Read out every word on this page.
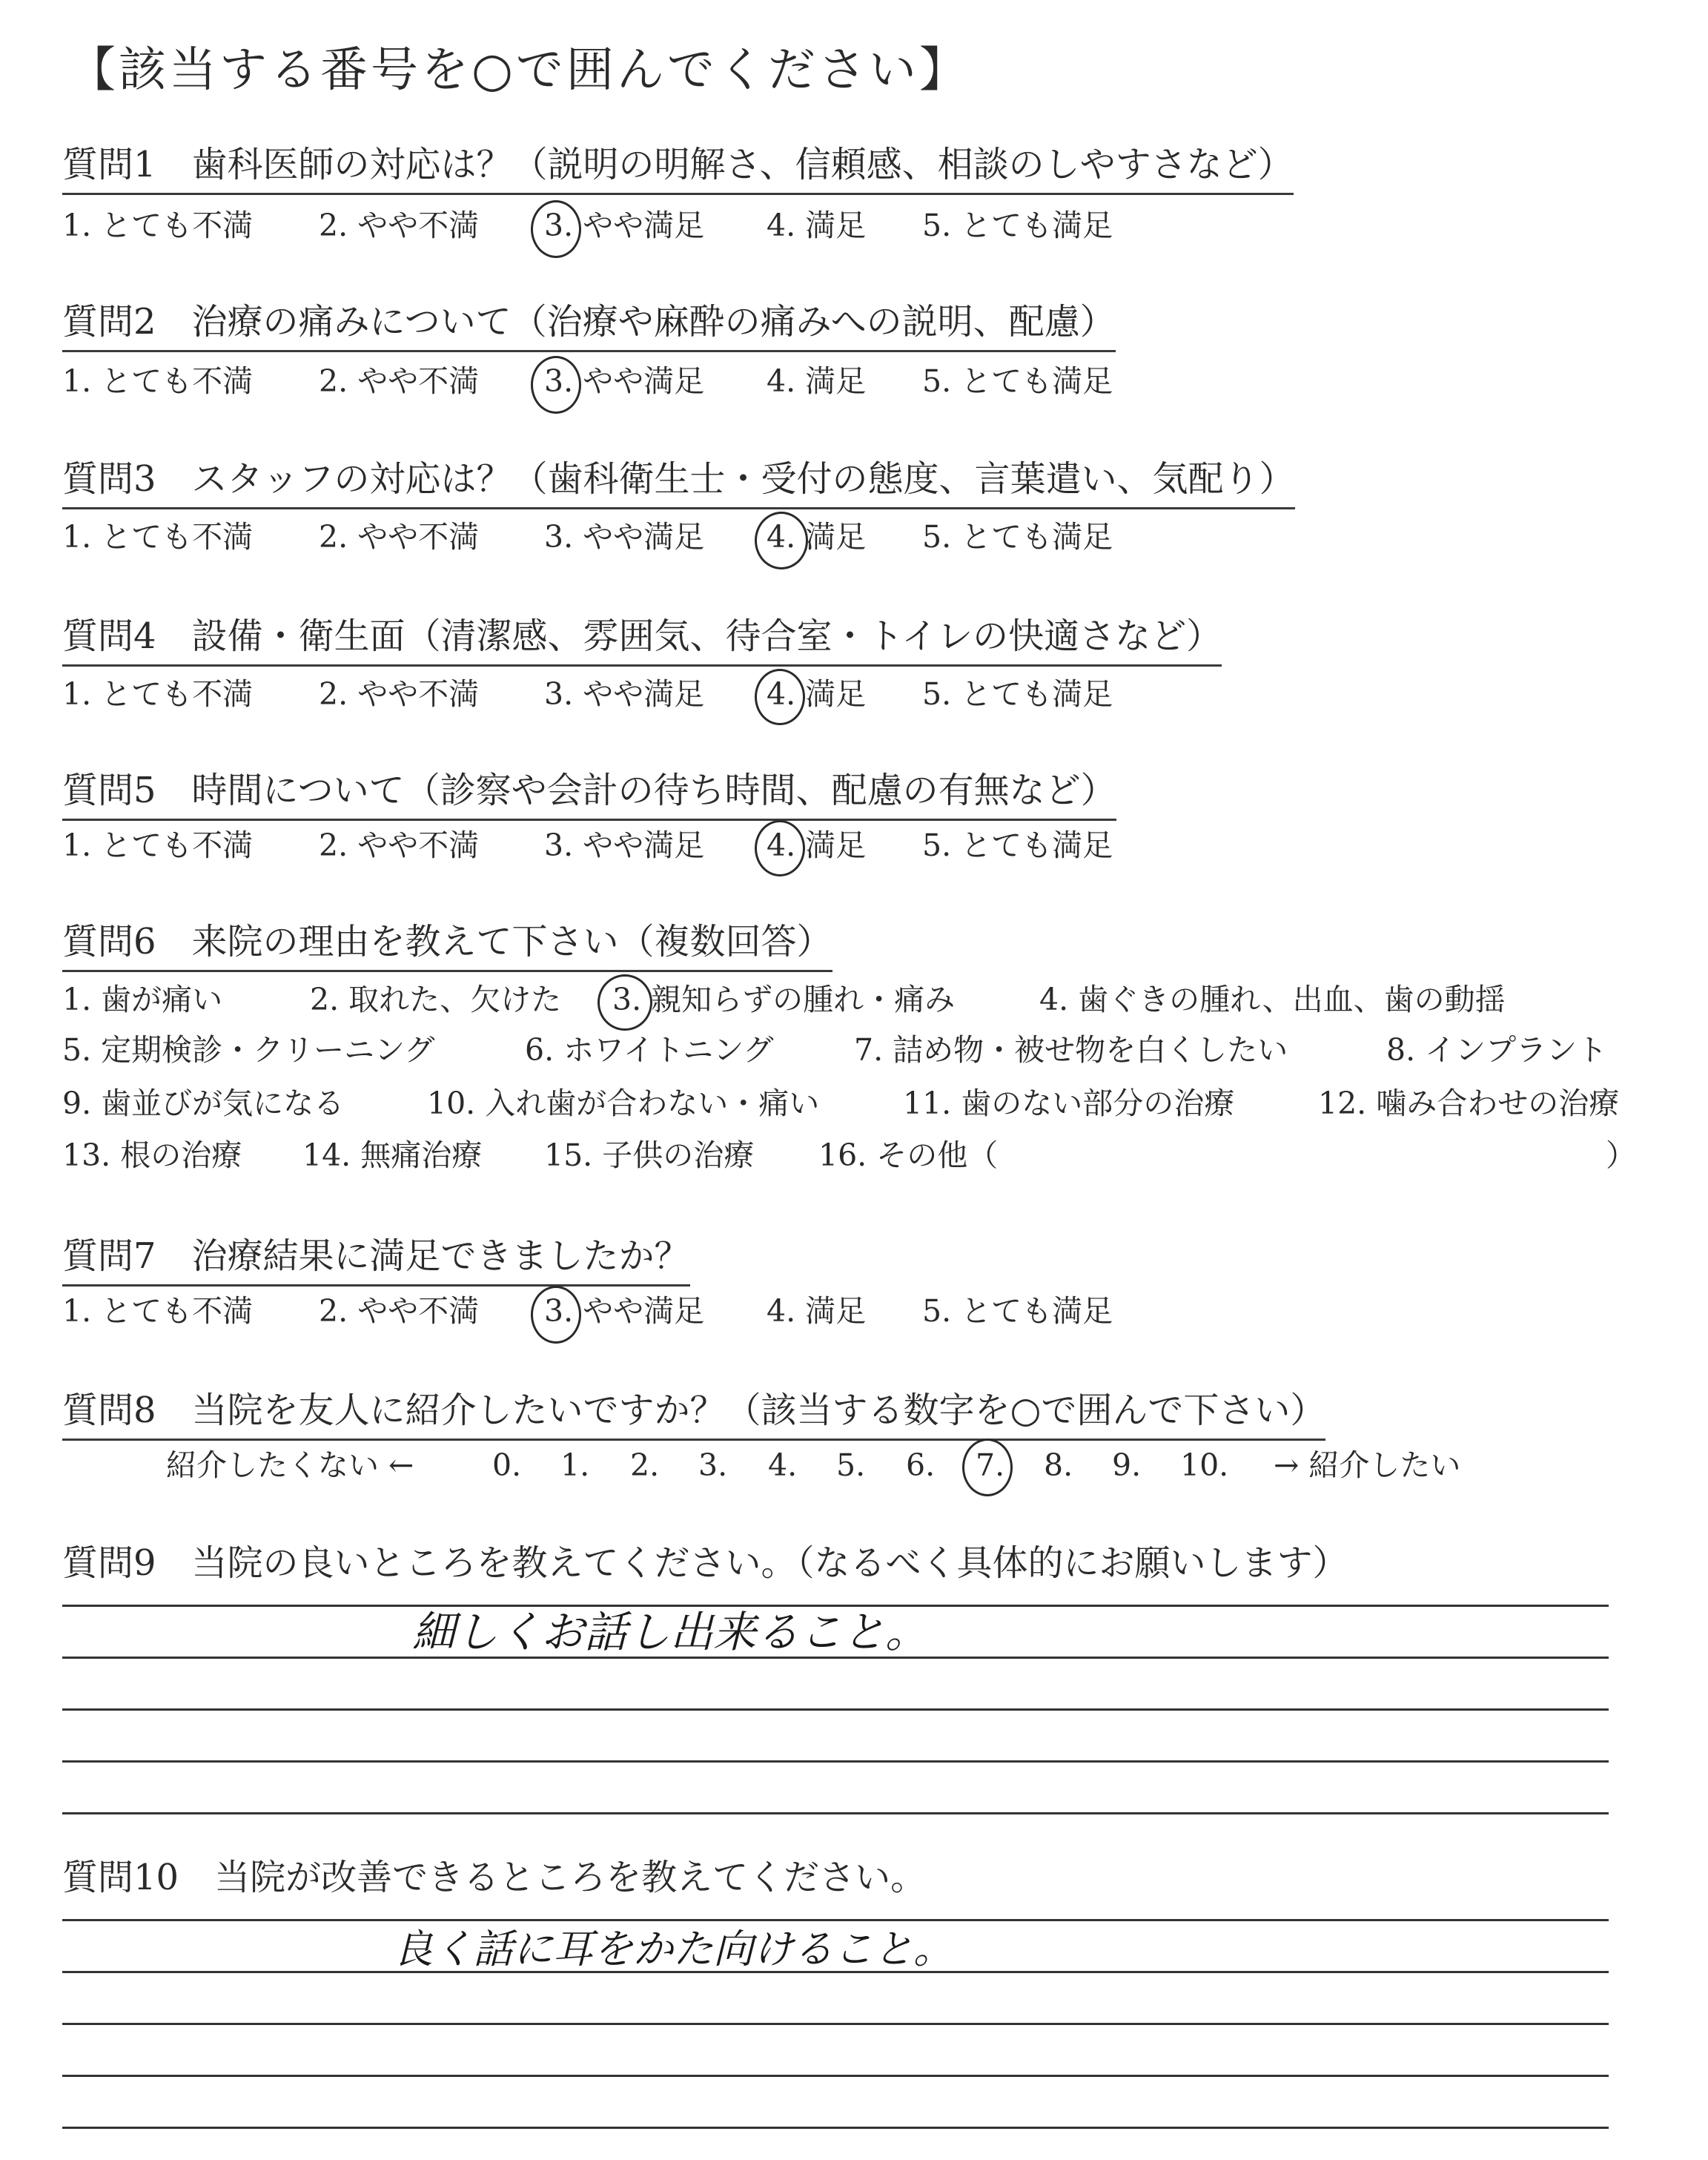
【該当する番号を○で囲んでください】
質問1　歯科医師の対応は？（説明の明解さ、信頼感、相談のしやすさなど）
1. とても不満 2. やや不満 3. やや満足 4. 満足 5. とても満足
質問2　治療の痛みについて（治療や麻酔の痛みへの説明、配慮）
1. とても不満 2. やや不満 3. やや満足 4. 満足 5. とても満足
質問3　スタッフの対応は？（歯科衛生士・受付の態度、言葉遣い、気配り）
1. とても不満 2. やや不満 3. やや満足 4. 満足 5. とても満足
質問4　設備・衛生面（清潔感、雰囲気、待合室・トイレの快適さなど）
1. とても不満 2. やや不満 3. やや満足 4. 満足 5. とても満足
質問5　時間について（診察や会計の待ち時間、配慮の有無など）
1. とても不満 2. やや不満 3. やや満足 4. 満足 5. とても満足
質問6　来院の理由を教えて下さい（複数回答）
1. 歯が痛い	2. 取れた、欠けた 3. 親知らずの腫れ・痛み	4. 歯ぐきの腫れ、出血、歯の動揺
5. 定期検診・クリーニング	6. ホワイトニング	7. 詰め物・被せ物を白くしたい	8. インプラント
9. 歯並びが気になる	10. 入れ歯が合わない・痛い	11. 歯のない部分の治療	12. 噛み合わせの治療
13. 根の治療 14. 無痛治療 15. 子供の治療 16. その他（	）
質問7　治療結果に満足できましたか？
1. とても不満 2. やや不満 3. やや満足 4. 満足 5. とても満足
質問8　当院を友人に紹介したいですか？（該当する数字を○で囲んで下さい）
紹介したくない ←	0. 1. 2. 3. 4. 5. 6. 7. 8. 9. 10. → 紹介したい
質問9　当院の良いところを教えてください。（なるべく具体的にお願いします）
細しくお話し出来ること。
質問10　当院が改善できるところを教えてください。
良く話に耳をかた向けること。
